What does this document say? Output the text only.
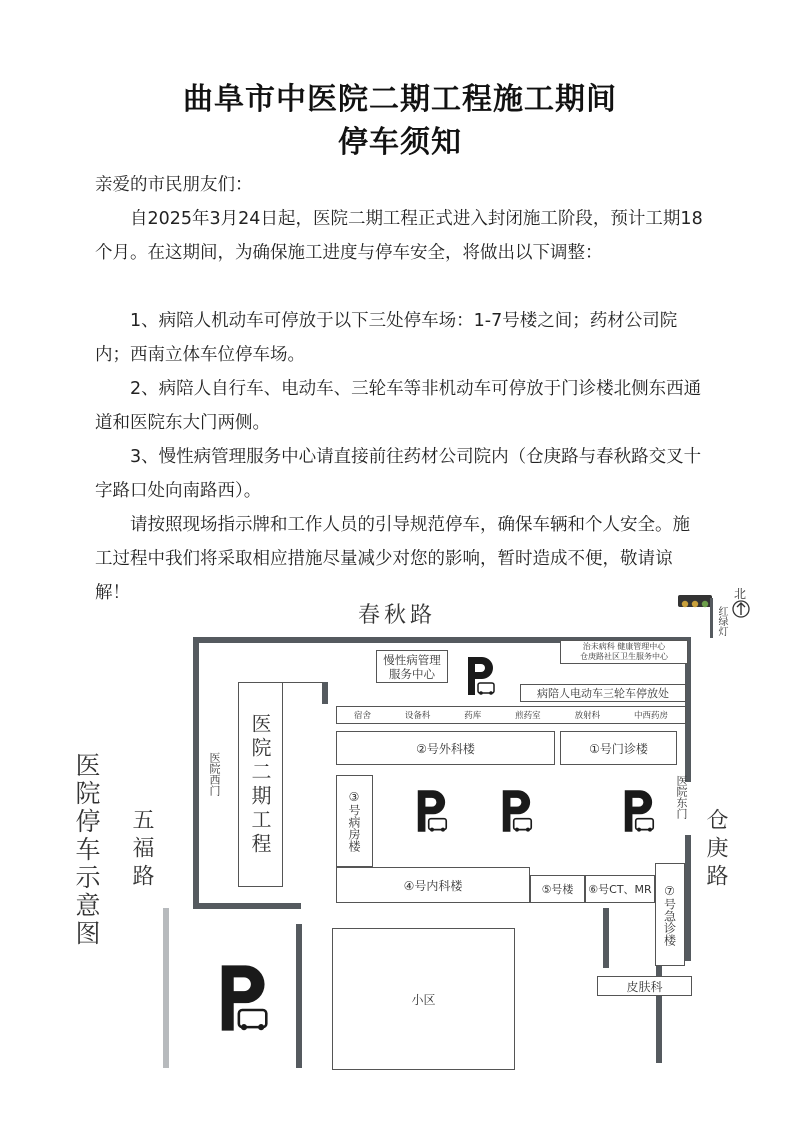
曲阜市中医院二期工程施工期间
停车须知
亲爱的市民朋友们：
自2025年3月24日起，医院二期工程正式进入封闭施工阶段，预计工期18个月。在这期间，为确保施工进度与停车安全，将做出以下调整：
1、病陪人机动车可停放于以下三处停车场：1-7号楼之间；药材公司院内；西南立体车位停车场。
2、病陪人自行车、电动车、三轮车等非机动车可停放于门诊楼北侧东西通道和医院东大门两侧。
3、慢性病管理服务中心请直接前往药材公司院内（仓庚路与春秋路交叉十字路口处向南路西）。
请按照现场指示牌和工作人员的引导规范停车，确保车辆和个人安全。施工过程中我们将采取相应措施尽量减少对您的影响，暂时造成不便，敬请谅解！
医院停车示意图
春秋路
仓庚路
五福路
北
红绿灯
医院二期工程
医院西门
医院东门
慢性病管理服务中心
治未病科 健康管理中心
仓庚路社区卫生服务中心
病陪人电动车三轮车停放处
宿舍	设备科	药库	煎药室	放射科	中西药房
②号外科楼	①号门诊楼
③号病房楼
④号内科楼	⑤号楼	⑥号CT、MR ⑦号急诊楼
皮肤科
小区
